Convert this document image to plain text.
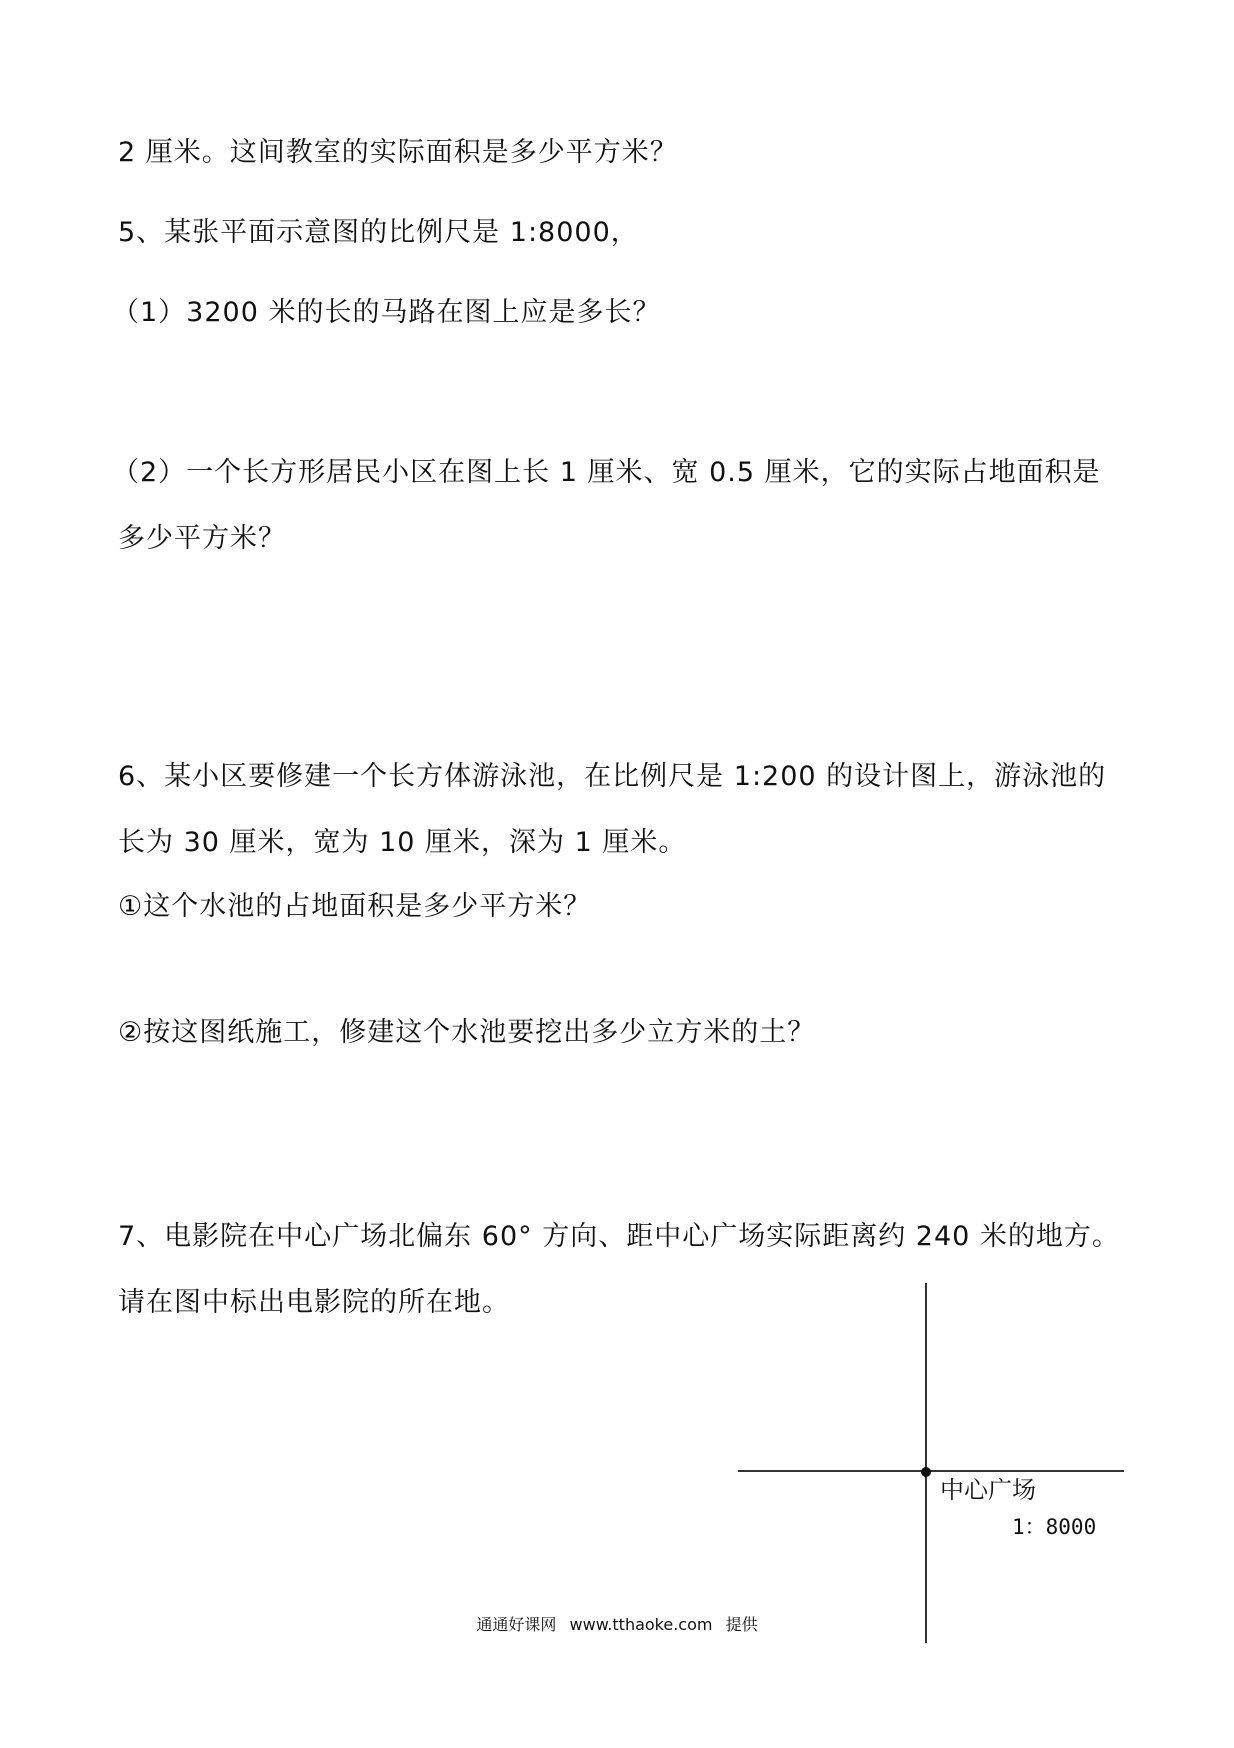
2 厘米。这间教室的实际面积是多少平方米？
5、某张平面示意图的比例尺是 1:8000，
（1）3200 米的长的马路在图上应是多长？
（2）一个长方形居民小区在图上长 1 厘米、宽 0.5 厘米，它的实际占地面积是
多少平方米？
6、某小区要修建一个长方体游泳池，在比例尺是 1:200 的设计图上，游泳池的
长为 30 厘米，宽为 10 厘米，深为 1 厘米。
①这个水池的占地面积是多少平方米？
②按这图纸施工，修建这个水池要挖出多少立方米的土？
7、电影院在中心广场北偏东 60° 方向、距中心广场实际距离约 240 米的地方。
请在图中标出电影院的所在地。
中心广场
1：8000
通通好课网 www.tthaoke.com 提供
